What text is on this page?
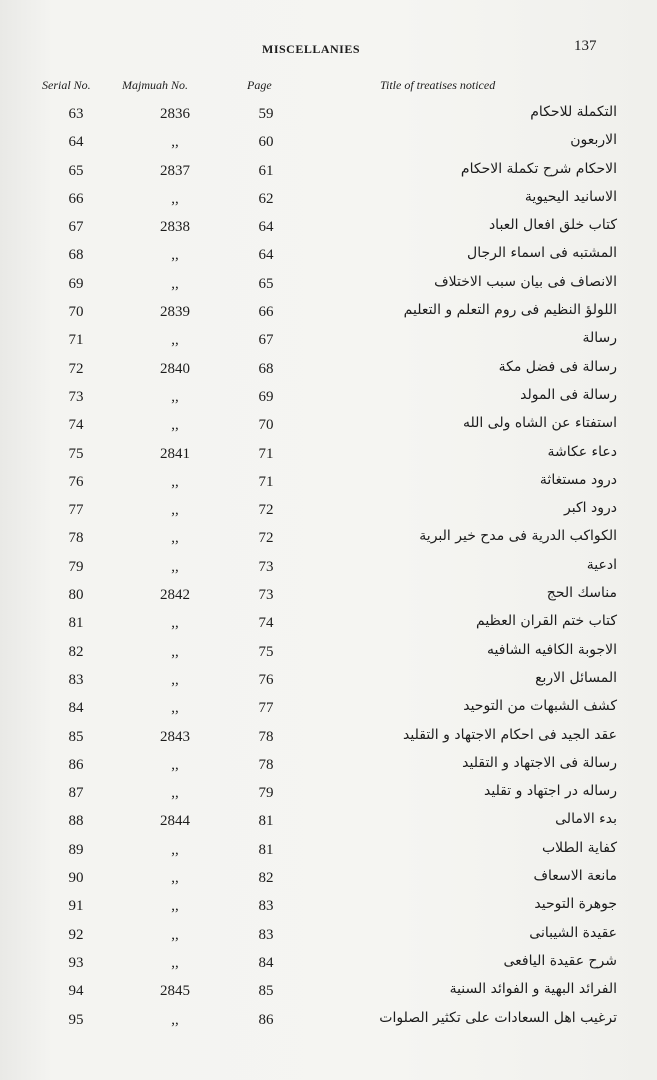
MISCELLANIES	137
Serial No.	Majmuah No.	Page	Title of treatises noticed
63	2836	59	التكملة للاحكام
64	,,	60	الاربعون
65	2837	61	الاحكام شرح تكملة الاحكام
66	,,	62	الاسانيد اليحيوية
67	2838	64	كتاب خلق افعال العباد
68	,,	64	المشتبه فى اسماء الرجال
69	,,	65	الانصاف فى بيان سبب الاختلاف
70	2839	66	اللولؤ النظيم فى روم التعلم و التعليم
71	,,	67	رسالة
72	2840	68	رسالة فى فضل مكة
73	,,	69	رسالة فى المولد
74	,,	70	استفتاء عن الشاه ولى الله
75	2841	71	دعاء عكاشة
76	,,	71	درود مستغاثة
77	,,	72	درود اكبر
78	,,	72	الكواكب الدرية فى مدح خير البرية
79	,,	73	ادعية
80	2842	73	مناسك الحج
81	,,	74	كتاب ختم القران العظيم
82	,,	75	الاجوبة الكافيه الشافيه
83	,,	76	المسائل الاربع
84	,,	77	كشف الشبهات من التوحيد
85	2843	78	عقد الجيد فى احكام الاجتهاد و التقليد
86	,,	78	رسالة فى الاجتهاد و التقليد
87	,,	79	رساله در اجتهاد و تقليد
88	2844	81	بدء الامالى
89	,,	81	كفاية الطلاب
90	,,	82	مانعة الاسعاف
91	,,	83	جوهرة التوحيد
92	,,	83	عقيدة الشيبانى
93	,,	84	شرح عقيدة اليافعى
94	2845	85	الفرائد البهية و الفوائد السنية
95	,,	86	ترغيب اهل السعادات على تكثير الصلوات
